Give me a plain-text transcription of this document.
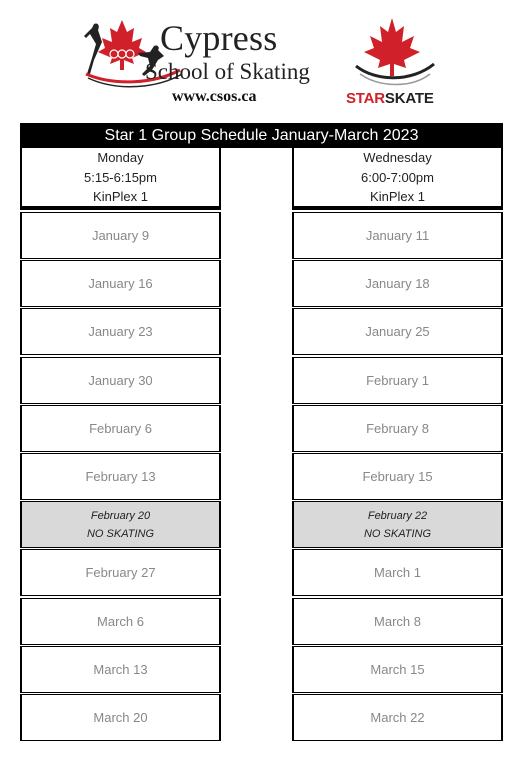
Cypress
School of Skating
www.csos.ca	STARSKATE
Star 1 Group Schedule January-March 2023
Monday
5:15-6:15pm
KinPlex 1
Wednesday
6:00-7:00pm
KinPlex 1
January 9
January 16
January 23
January 30
February 6
February 13
February 20
NO SKATING
February 27
March 6
March 13
March 20
January 11
January 18
January 25
February 1
February 8
February 15
February 22
NO SKATING
March 1
March 8
March 15
March 22
